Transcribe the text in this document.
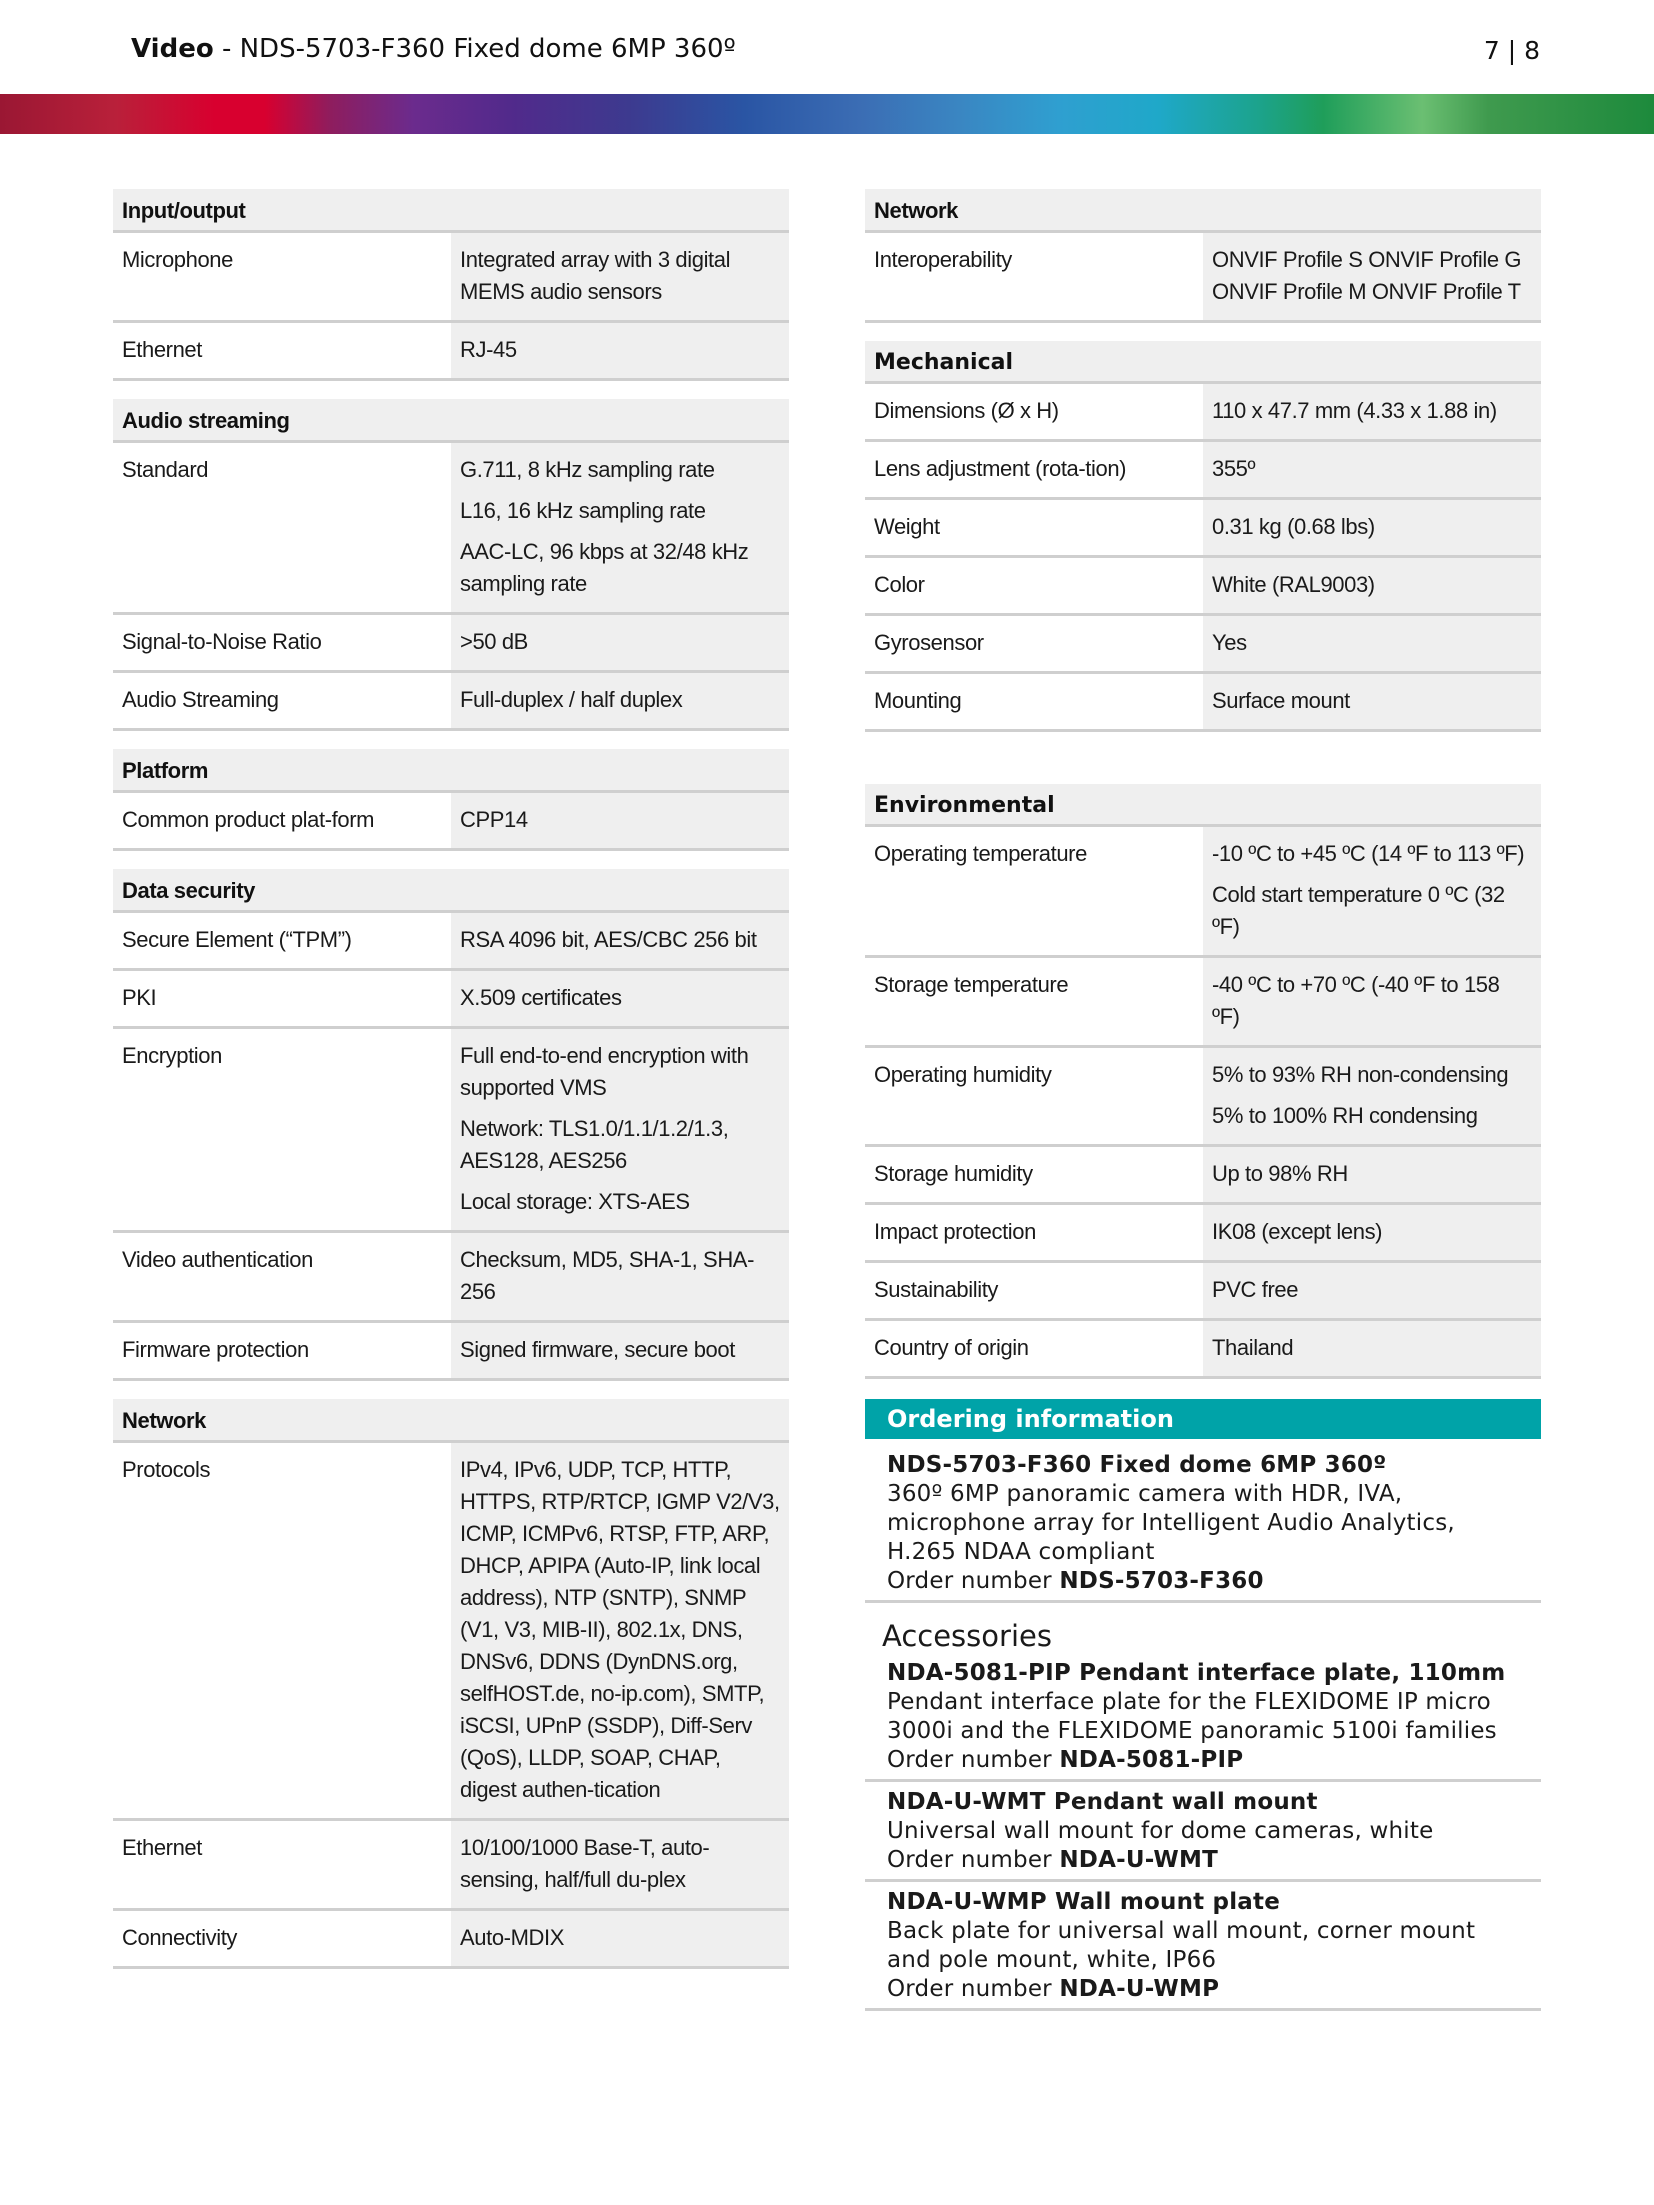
Video - NDS-5703-F360 Fixed dome 6MP 360º	7 | 8
Input/output	
Microphone	Integrated array with 3 digital MEMS audio sensors

Ethernet	RJ-45
Audio streaming	
Standard	G.711, 8 kHz sampling rate
L16, 16 kHz sampling rate
AAC-LC, 96 kbps at 32/48 kHz sampling rate

Signal-to-Noise Ratio	>50 dB

Audio Streaming	Full-duplex / half duplex
Platform
Common product plat-form	CPP14
Data security	
Secure Element (“TPM”)	RSA 4096 bit, AES/CBC 256 bit

PKI	X.509 certificates

Encryption	Full end-to-end encryption with supported VMS
Network: TLS1.0/1.1/1.2/1.3, AES128, AES256
Local storage: XTS-AES

Video authentication	Checksum, MD5, SHA-1, SHA-256

Firmware protection	Signed firmware, secure boot
Network	
Protocols	IPv4, IPv6, UDP, TCP, HTTP, HTTPS, RTP/RTCP, IGMP V2/V3, ICMP, ICMPv6, RTSP, FTP, ARP, DHCP, APIPA (Auto-IP, link local address), NTP (SNTP), SNMP (V1, V3, MIB-II), 802.1x, DNS, DNSv6, DDNS (DynDNS.org, selfHOST.de, no-ip.com), SMTP, iSCSI, UPnP (SSDP), Diff-Serv (QoS), LLDP, SOAP, CHAP, digest authen-tication

Ethernet	10/100/1000 Base-T, auto-sensing, half/full du-plex

Connectivity	Auto-MDIX
Network
Interoperability	ONVIF Profile S ONVIF Profile G ONVIF Profile M ONVIF Profile T
Mechanical	
Dimensions (Ø x H)	110 x 47.7 mm (4.33 x 1.88 in)

Lens adjustment (rota-tion)	355º

Weight	0.31 kg (0.68 lbs)

Color	White (RAL9003)

Gyrosensor	Yes

Mounting	Surface mount
Environmental	
Operating temperature	-10 ºC to +45 ºC (14 ºF to 113 ºF)
Cold start temperature 0 ºC (32 ºF)

Storage temperature	-40 ºC to +70 ºC (-40 ºF to 158 ºF)

Operating humidity	5% to 93% RH non-condensing
5% to 100% RH condensing

Storage humidity	Up to 98% RH

Impact protection	IK08 (except lens)

Sustainability	PVC free

Country of origin	Thailand
Ordering information
NDS-5703-F360 Fixed dome 6MP 360º
360º 6MP panoramic camera with HDR, IVA, microphone array for Intelligent Audio Analytics, H.265 NDAA compliant
Order number NDS-5703-F360
Accessories
NDA-5081-PIP Pendant interface plate, 110mm
Pendant interface plate for the FLEXIDOME IP micro 3000i and the FLEXIDOME panoramic 5100i families
Order number NDA-5081-PIP
NDA-U-WMT Pendant wall mount
Universal wall mount for dome cameras, white
Order number NDA-U-WMT
NDA-U-WMP Wall mount plate
Back plate for universal wall mount, corner mount and pole mount, white, IP66
Order number NDA-U-WMP
